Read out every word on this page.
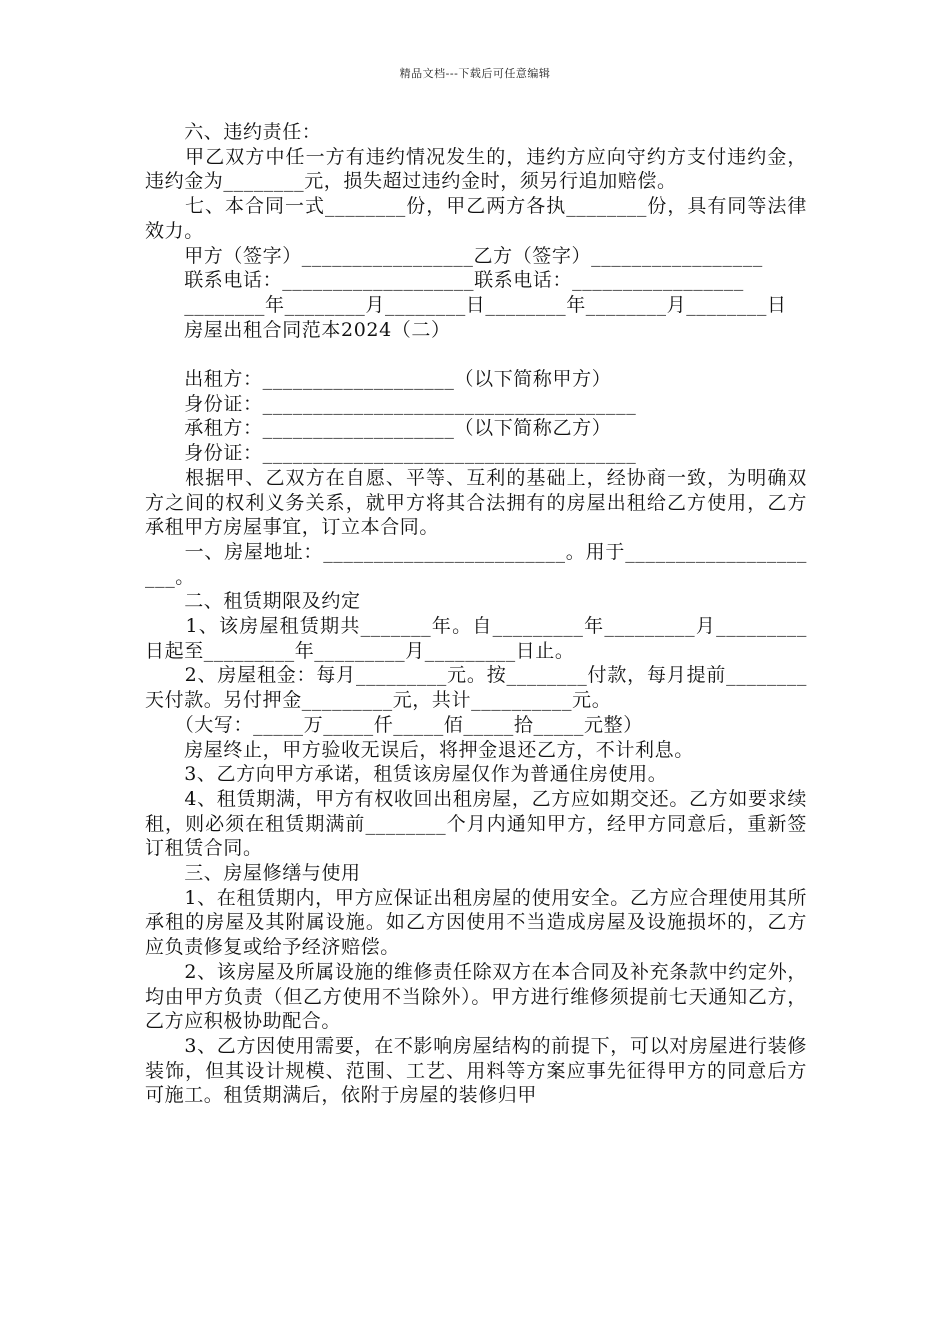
精品文档---下载后可任意编辑

　　六、违约责任：

　　甲乙双方中任一方有违约情况发生的，违约方应向守约方支付违约金，违约金为________元，损失超过违约金时，须另行追加赔偿。

　　七、本合同一式________份，甲乙两方各执________份，具有同等法律效力。

　　甲方（签字）_________________乙方（签字）_________________

　　联系电话：___________________联系电话：_________________

　　________年________月________日________年________月________日

　　房屋出租合同范本2024（二）

　　出租方：___________________（以下简称甲方）

　　身份证：_____________________________________

　　承租方：___________________（以下简称乙方）

　　身份证：_____________________________________

　　根据甲、乙双方在自愿、平等、互利的基础上，经协商一致，为明确双方之间的权利义务关系，就甲方将其合法拥有的房屋出租给乙方使用，乙方承租甲方房屋事宜，订立本合同。

　　一、房屋地址：________________________。用于_____________________。

　　二、租赁期限及约定

　　1、该房屋租赁期共_______年。自_________年_________月_________日起至_________年_________月_________日止。

　　2、房屋租金：每月_________元。按________付款，每月提前________天付款。另付押金_________元，共计__________元。

　　（大写：_____万_____仟_____佰_____拾_____元整）

　　房屋终止，甲方验收无误后，将押金退还乙方，不计利息。

　　3、乙方向甲方承诺，租赁该房屋仅作为普通住房使用。

　　4、租赁期满，甲方有权收回出租房屋，乙方应如期交还。乙方如要求续租，则必须在租赁期满前________个月内通知甲方，经甲方同意后，重新签订租赁合同。

　　三、房屋修缮与使用

　　1、在租赁期内，甲方应保证出租房屋的使用安全。乙方应合理使用其所承租的房屋及其附属设施。如乙方因使用不当造成房屋及设施损坏的，乙方应负责修复或给予经济赔偿。

　　2、该房屋及所属设施的维修责任除双方在本合同及补充条款中约定外，均由甲方负责（但乙方使用不当除外）。甲方进行维修须提前七天通知乙方，乙方应积极协助配合。

　　3、乙方因使用需要，在不影响房屋结构的前提下，可以对房屋进行装修装饰，但其设计规模、范围、工艺、用料等方案应事先征得甲方的同意后方可施工。租赁期满后，依附于房屋的装修归甲
